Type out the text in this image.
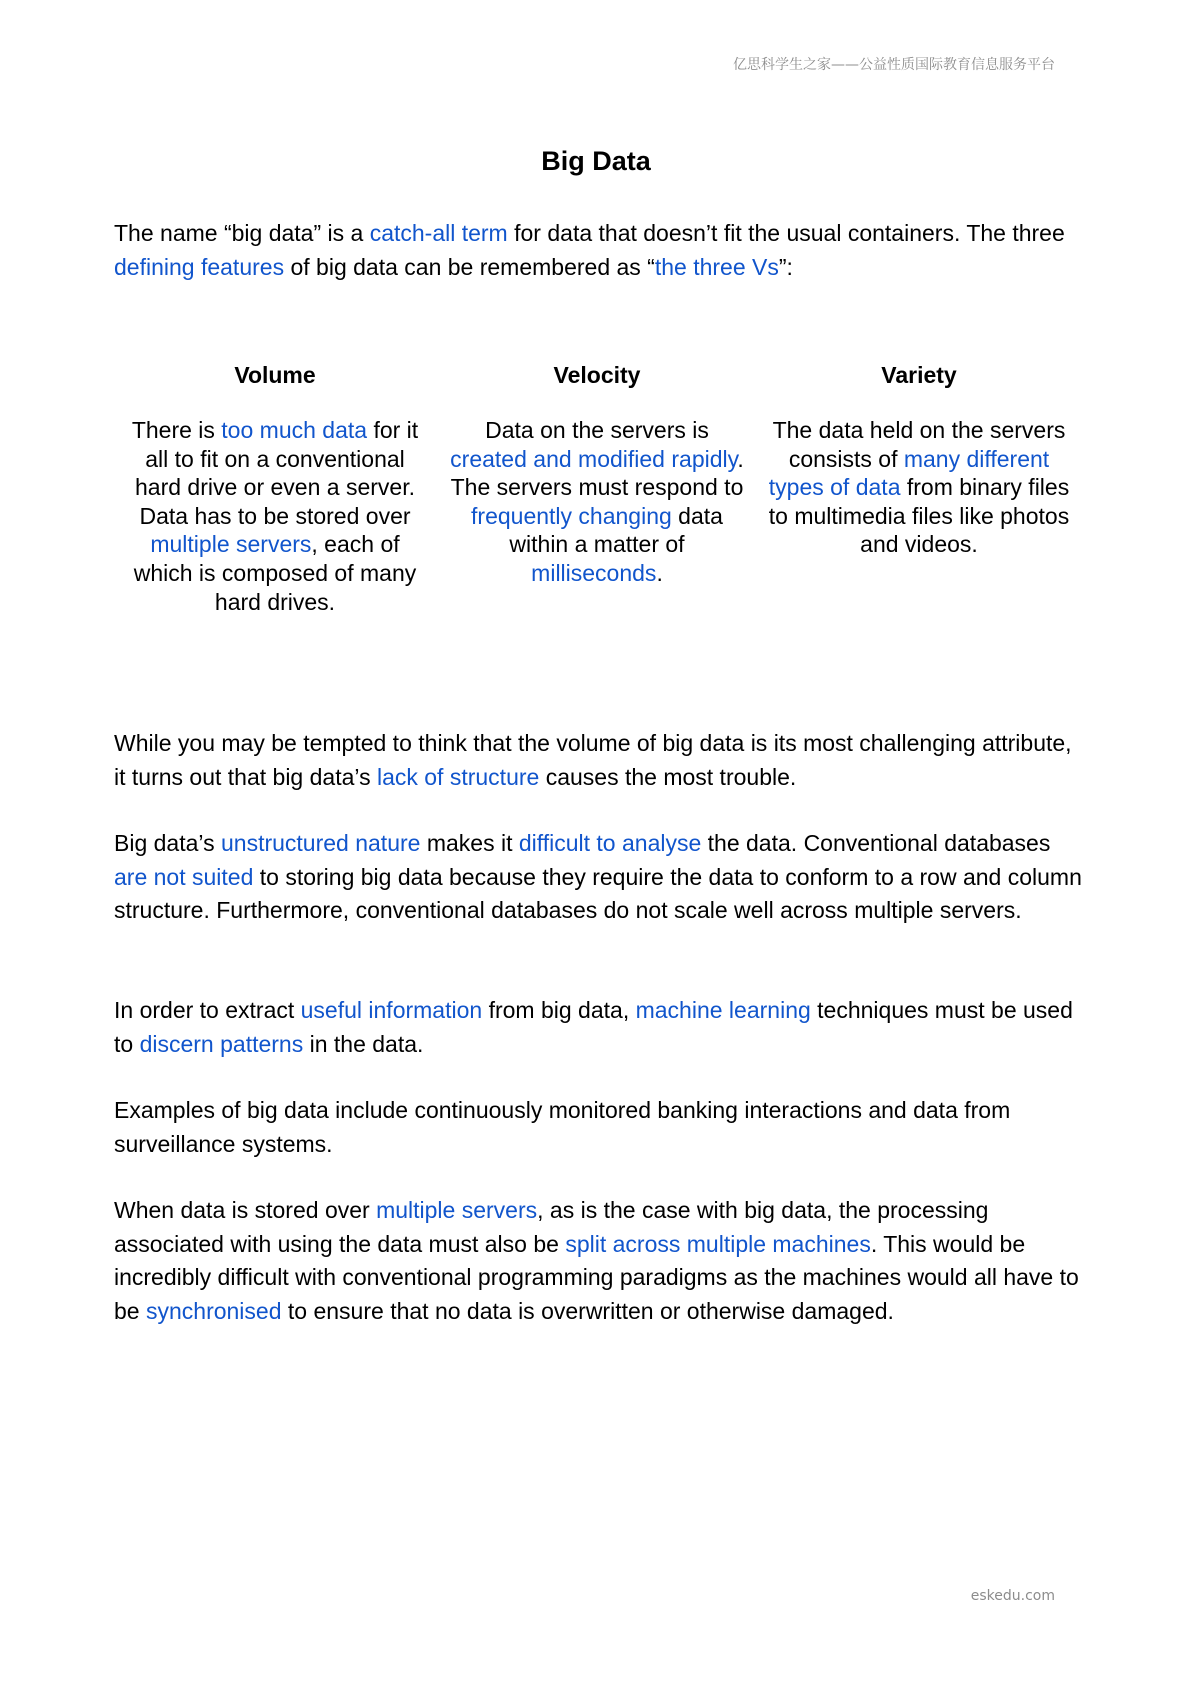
亿思科学生之家——公益性质国际教育信息服务平台
Big Data

The name “big data” is a catch-all term for data that doesn’t fit the usual containers. The three defining features of big data can be remembered as “the three Vs”:

Volume

There is too much data for it all to fit on a conventional hard drive or even a server. Data has to be stored over multiple servers, each of which is composed of many hard drives.

Velocity

Data on the servers is created and modified rapidly. The servers must respond to frequently changing data within a matter of milliseconds.

Variety

The data held on the servers consists of many different types of data from binary files to multimedia files like photos and videos.

While you may be tempted to think that the volume of big data is its most challenging attribute, it turns out that big data’s lack of structure causes the most trouble.

Big data’s unstructured nature makes it difficult to analyse the data. Conventional databases are not suited to storing big data because they require the data to conform to a row and column structure. Furthermore, conventional databases do not scale well across multiple servers.

In order to extract useful information from big data, machine learning techniques must be used to discern patterns in the data.

Examples of big data include continuously monitored banking interactions and data from surveillance systems.

When data is stored over multiple servers, as is the case with big data, the processing associated with using the data must also be split across multiple machines. This would be incredibly difficult with conventional programming paradigms as the machines would all have to be synchronised to ensure that no data is overwritten or otherwise damaged.

eskedu.com
